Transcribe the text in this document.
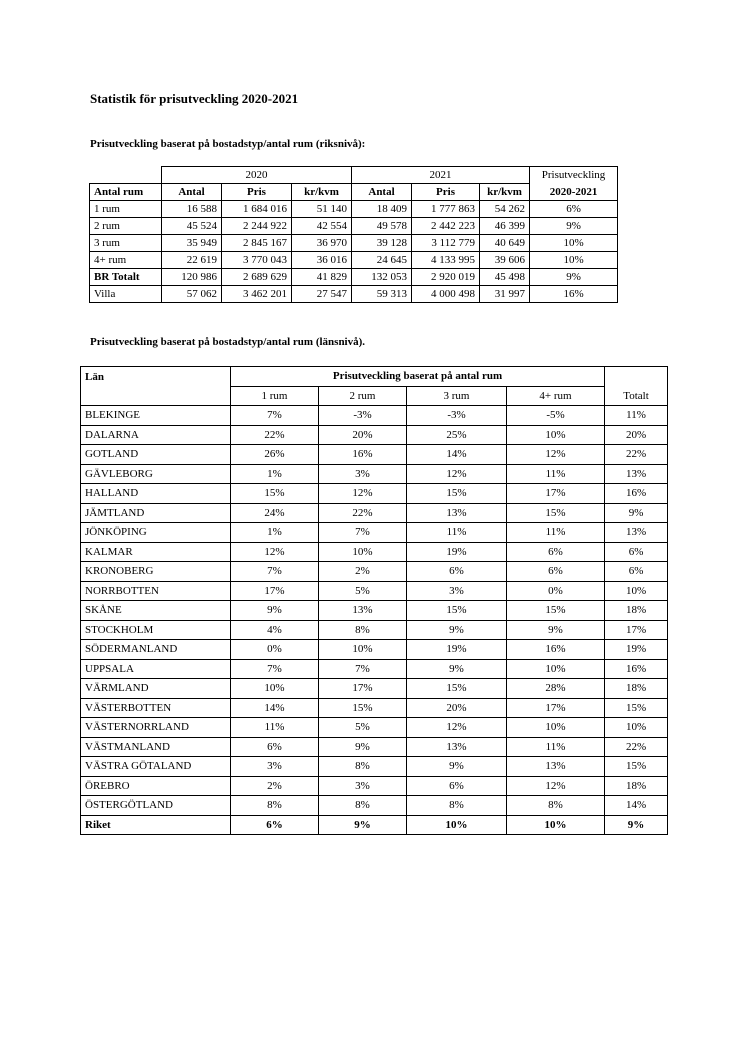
Statistik för prisutveckling 2020-2021
Prisutveckling baserat på bostadstyp/antal rum (riksnivå):
	2020			2021			Prisutveckling
Antal rum	Antal	Pris	kr/kvm	Antal	Pris	kr/kvm	2020-2021
1 rum	16 588	1 684 016	51 140	18 409	1 777 863	54 262	6%
2 rum	45 524	2 244 922	42 554	49 578	2 442 223	46 399	9%
3 rum	35 949	2 845 167	36 970	39 128	3 112 779	40 649	10%
4+ rum	22 619	3 770 043	36 016	24 645	4 133 995	39 606	10%
BR Totalt	120 986	2 689 629	41 829	132 053	2 920 019	45 498	9%
Villa	57 062	3 462 201	27 547	59 313	4 000 498	31 997	16%
Prisutveckling baserat på bostadstyp/antal rum (länsnivå).
Län	Prisutveckling baserat på antal rum				
	1 rum	2 rum	3 rum	4+ rum	Totalt
BLEKINGE	7%	-3%	-3%	-5%	11%
DALARNA	22%	20%	25%	10%	20%
GOTLAND	26%	16%	14%	12%	22%
GÄVLEBORG	1%	3%	12%	11%	13%
HALLAND	15%	12%	15%	17%	16%
JÄMTLAND	24%	22%	13%	15%	9%
JÖNKÖPING	1%	7%	11%	11%	13%
KALMAR	12%	10%	19%	6%	6%
KRONOBERG	7%	2%	6%	6%	6%
NORRBOTTEN	17%	5%	3%	0%	10%
SKÅNE	9%	13%	15%	15%	18%
STOCKHOLM	4%	8%	9%	9%	17%
SÖDERMANLAND	0%	10%	19%	16%	19%
UPPSALA	7%	7%	9%	10%	16%
VÄRMLAND	10%	17%	15%	28%	18%
VÄSTERBOTTEN	14%	15%	20%	17%	15%
VÄSTERNORRLAND	11%	5%	12%	10%	10%
VÄSTMANLAND	6%	9%	13%	11%	22%
VÄSTRA GÖTALAND	3%	8%	9%	13%	15%
ÖREBRO	2%	3%	6%	12%	18%
ÖSTERGÖTLAND	8%	8%	8%	8%	14%
Riket	6%	9%	10%	10%	9%
